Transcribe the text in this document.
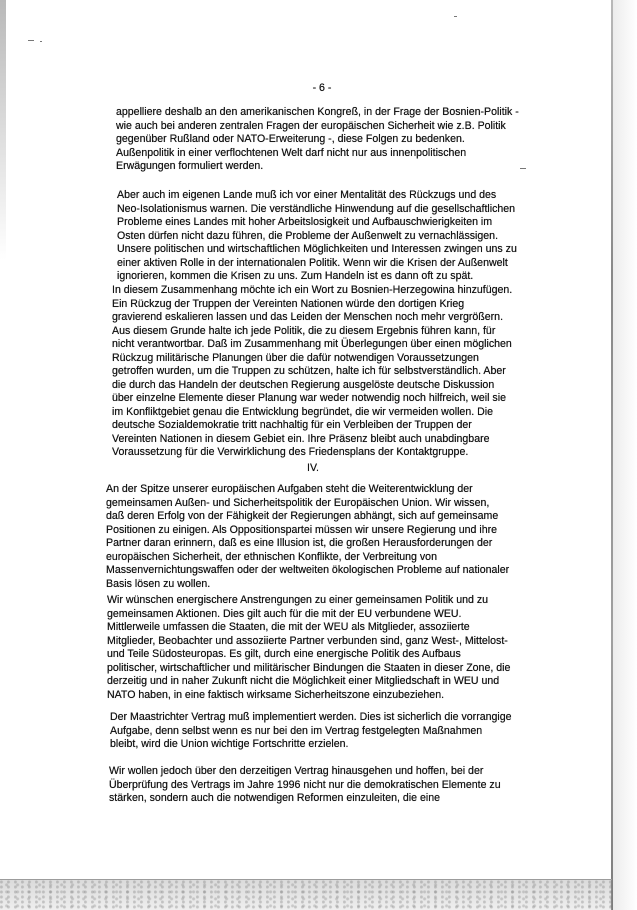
- 6 -
appelliere deshalb an den amerikanischen Kongreß, in der Frage der Bosnien-Politik -
wie auch bei anderen zentralen Fragen der europäischen Sicherheit wie z.B. Politik
gegenüber Rußland oder NATO-Erweiterung -, diese Folgen zu bedenken.
Außenpolitik in einer verflochtenen Welt darf nicht nur aus innenpolitischen
Erwägungen formuliert werden.
Aber auch im eigenen Lande muß ich vor einer Mentalität des Rückzugs und des
Neo-Isolationismus warnen. Die verständliche Hinwendung auf die gesellschaftlichen
Probleme eines Landes mit hoher Arbeitslosigkeit und Aufbauschwierigkeiten im
Osten dürfen nicht dazu führen, die Probleme der Außenwelt zu vernachlässigen.
Unsere politischen und wirtschaftlichen Möglichkeiten und Interessen zwingen uns zu
einer aktiven Rolle in der internationalen Politik. Wenn wir die Krisen der Außenwelt
ignorieren, kommen die Krisen zu uns. Zum Handeln ist es dann oft zu spät.
In diesem Zusammenhang möchte ich ein Wort zu Bosnien-Herzegowina hinzufügen.
Ein Rückzug der Truppen der Vereinten Nationen würde den dortigen Krieg
gravierend eskalieren lassen und das Leiden der Menschen noch mehr vergrößern.
Aus diesem Grunde halte ich jede Politik, die zu diesem Ergebnis führen kann, für
nicht verantwortbar. Daß im Zusammenhang mit Überlegungen über einen möglichen
Rückzug militärische Planungen über die dafür notwendigen Voraussetzungen
getroffen wurden, um die Truppen zu schützen, halte ich für selbstverständlich. Aber
die durch das Handeln der deutschen Regierung ausgelöste deutsche Diskussion
über einzelne Elemente dieser Planung war weder notwendig noch hilfreich, weil sie
im Konfliktgebiet genau die Entwicklung begründet, die wir vermeiden wollen. Die
deutsche Sozialdemokratie tritt nachhaltig für ein Verbleiben der Truppen der
Vereinten Nationen in diesem Gebiet ein. Ihre Präsenz bleibt auch unabdingbare
Voraussetzung für die Verwirklichung des Friedensplans der Kontaktgruppe.
IV.
An der Spitze unserer europäischen Aufgaben steht die Weiterentwicklung der
gemeinsamen Außen- und Sicherheitspolitik der Europäischen Union. Wir wissen,
daß deren Erfolg von der Fähigkeit der Regierungen abhängt, sich auf gemeinsame
Positionen zu einigen. Als Oppositionspartei müssen wir unsere Regierung und ihre
Partner daran erinnern, daß es eine Illusion ist, die großen Herausforderungen der
europäischen Sicherheit, der ethnischen Konflikte, der Verbreitung von
Massenvernichtungswaffen oder der weltweiten ökologischen Probleme auf nationaler
Basis lösen zu wollen.
Wir wünschen energischere Anstrengungen zu einer gemeinsamen Politik und zu
gemeinsamen Aktionen. Dies gilt auch für die mit der EU verbundene WEU.
Mittlerweile umfassen die Staaten, die mit der WEU als Mitglieder, assoziierte
Mitglieder, Beobachter und assoziierte Partner verbunden sind, ganz West-, Mittelost-
und Teile Südosteuropas. Es gilt, durch eine energische Politik des Aufbaus
politischer, wirtschaftlicher und militärischer Bindungen die Staaten in dieser Zone, die
derzeitig und in naher Zukunft nicht die Möglichkeit einer Mitgliedschaft in WEU und
NATO haben, in eine faktisch wirksame Sicherheitszone einzubeziehen.
Der Maastrichter Vertrag muß implementiert werden. Dies ist sicherlich die vorrangige
Aufgabe, denn selbst wenn es nur bei den im Vertrag festgelegten Maßnahmen
bleibt, wird die Union wichtige Fortschritte erzielen.
Wir wollen jedoch über den derzeitigen Vertrag hinausgehen und hoffen, bei der
Überprüfung des Vertrags im Jahre 1996 nicht nur die demokratischen Elemente zu
stärken, sondern auch die notwendigen Reformen einzuleiten, die eine
